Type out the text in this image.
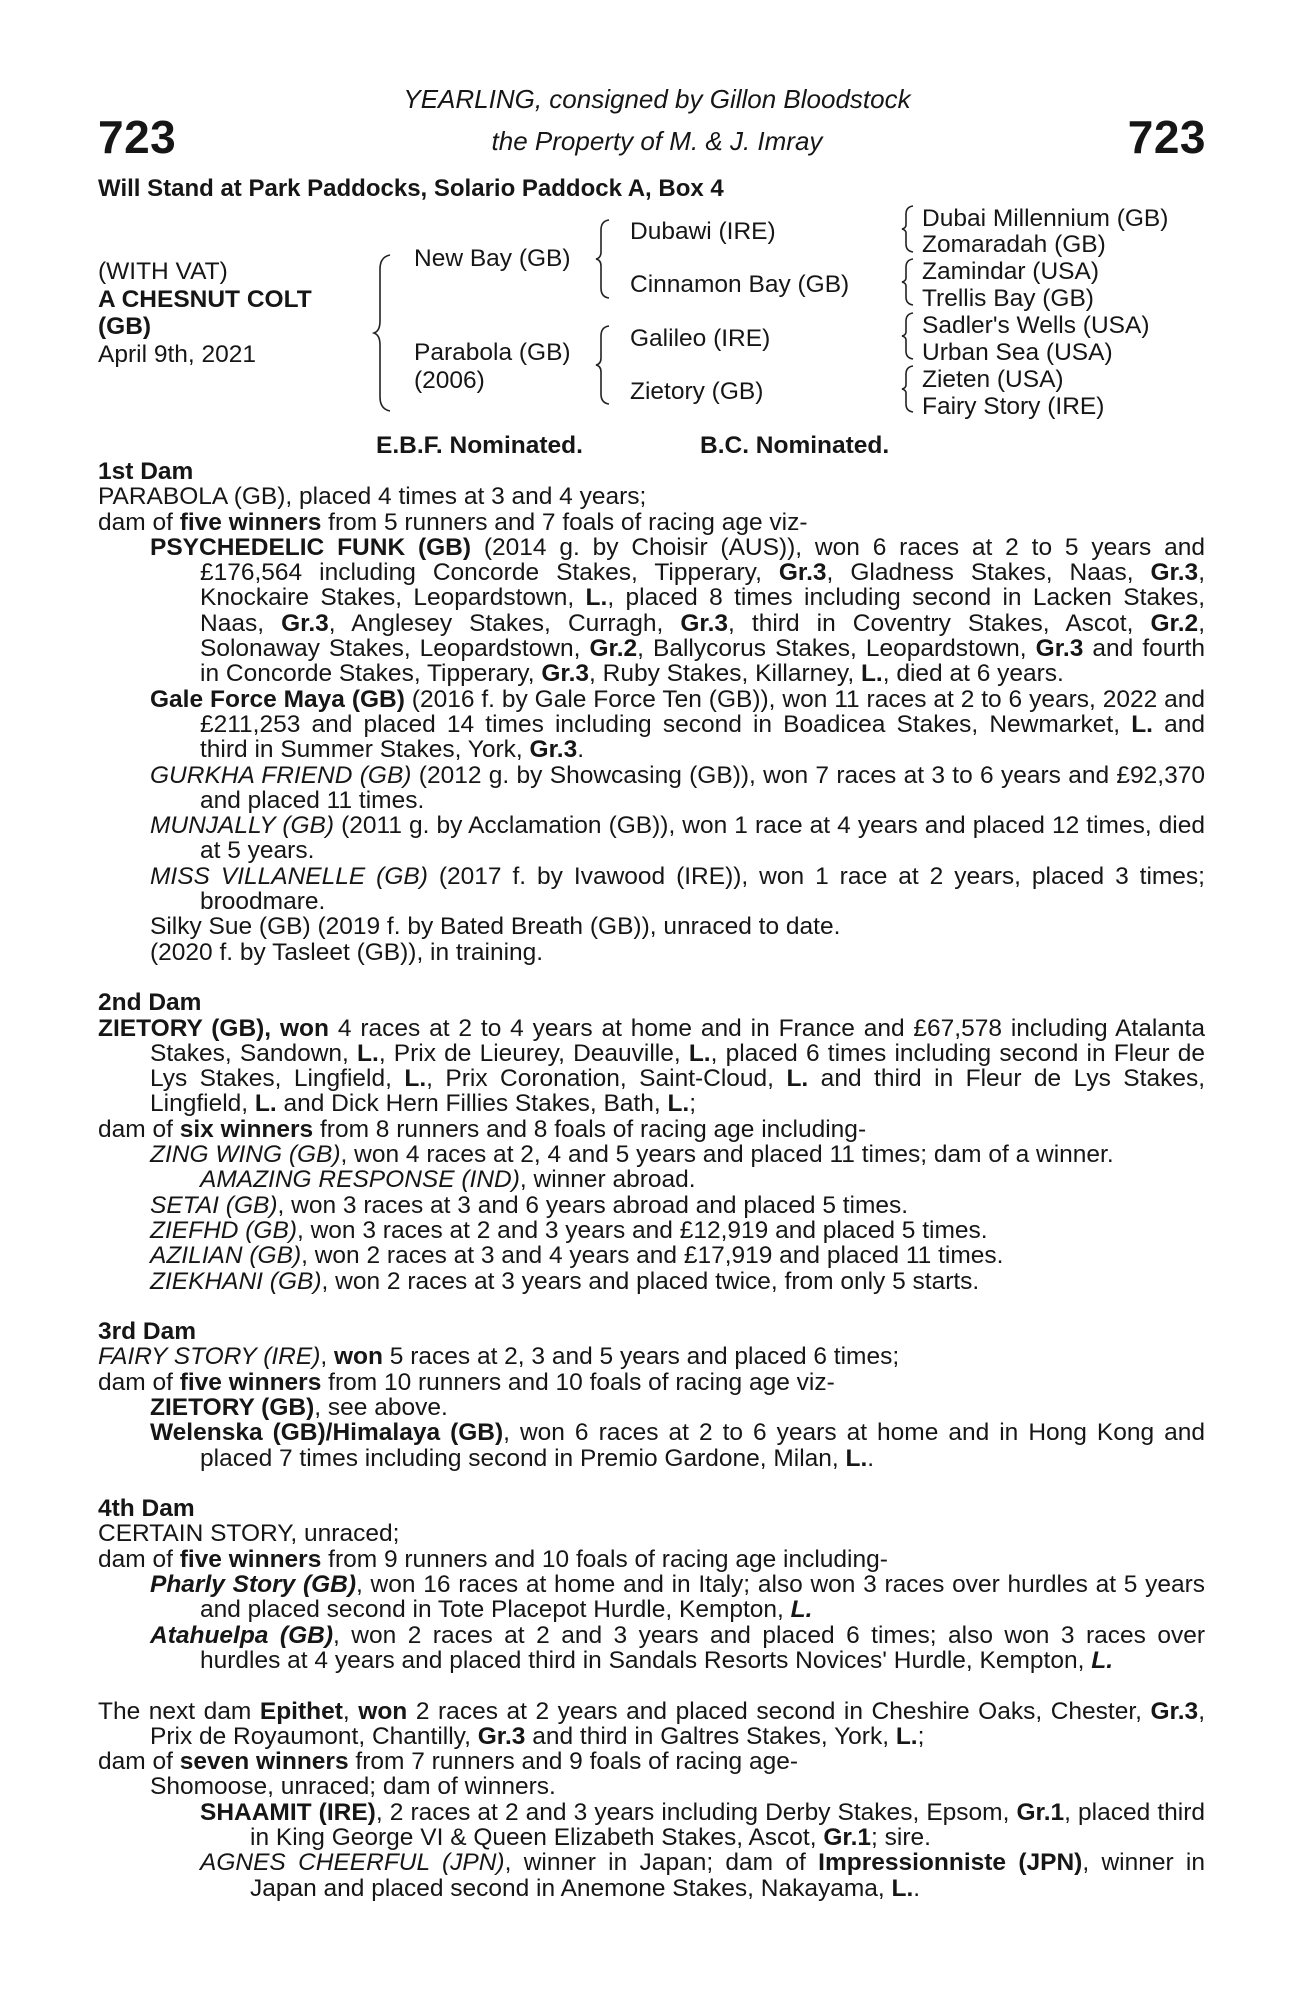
723	723
YEARLING, consigned by Gillon Bloodstock
the Property of M. & J. Imray
Will Stand at Park Paddocks, Solario Paddock A, Box 4
(WITH VAT)
A CHESNUT COLT
(GB)
April 9th, 2021
New Bay (GB)
Parabola (GB)
(2006)
Dubawi (IRE)
Cinnamon Bay (GB)
Galileo (IRE)
Zietory (GB)
Dubai Millennium (GB)
Zomaradah (GB)
Zamindar (USA)
Trellis Bay (GB)
Sadler's Wells (USA)
Urban Sea (USA)
Zieten (USA)
Fairy Story (IRE)
E.B.F. Nominated.	B.C. Nominated.

1st Dam

PARABOLA (GB), placed 4 times at 3 and 4 years;

dam of five winners from 5 runners and 7 foals of racing age viz-

PSYCHEDELIC FUNK (GB) (2014 g. by Choisir (AUS)), won 6 races at 2 to 5 years and £176,564 including Concorde Stakes, Tipperary, Gr.3, Gladness Stakes, Naas, Gr.3, Knockaire Stakes, Leopardstown, L., placed 8 times including second in Lacken Stakes, Naas, Gr.3, Anglesey Stakes, Curragh, Gr.3, third in Coventry Stakes, Ascot, Gr.2, Solonaway Stakes, Leopardstown, Gr.2, Ballycorus Stakes, Leopardstown, Gr.3 and fourth in Concorde Stakes, Tipperary, Gr.3, Ruby Stakes, Killarney, L., died at 6 years.

Gale Force Maya (GB) (2016 f. by Gale Force Ten (GB)), won 11 races at 2 to 6 years, 2022 and £211,253 and placed 14 times including second in Boadicea Stakes, Newmarket, L. and third in Summer Stakes, York, Gr.3.

GURKHA FRIEND (GB) (2012 g. by Showcasing (GB)), won 7 races at 3 to 6 years and £92,370 and placed 11 times.

MUNJALLY (GB) (2011 g. by Acclamation (GB)), won 1 race at 4 years and placed 12 times, died at 5 years.

MISS VILLANELLE (GB) (2017 f. by Ivawood (IRE)), won 1 race at 2 years, placed 3 times; broodmare.

Silky Sue (GB) (2019 f. by Bated Breath (GB)), unraced to date.

(2020 f. by Tasleet (GB)), in training.

2nd Dam

ZIETORY (GB), won 4 races at 2 to 4 years at home and in France and £67,578 including Atalanta Stakes, Sandown, L., Prix de Lieurey, Deauville, L., placed 6 times including second in Fleur de Lys Stakes, Lingfield, L., Prix Coronation, Saint-Cloud, L. and third in Fleur de Lys Stakes, Lingfield, L. and Dick Hern Fillies Stakes, Bath, L.;

dam of six winners from 8 runners and 8 foals of racing age including-

ZING WING (GB), won 4 races at 2, 4 and 5 years and placed 11 times; dam of a winner.

AMAZING RESPONSE (IND), winner abroad.

SETAI (GB), won 3 races at 3 and 6 years abroad and placed 5 times.

ZIEFHD (GB), won 3 races at 2 and 3 years and £12,919 and placed 5 times.

AZILIAN (GB), won 2 races at 3 and 4 years and £17,919 and placed 11 times.

ZIEKHANI (GB), won 2 races at 3 years and placed twice, from only 5 starts.

3rd Dam

FAIRY STORY (IRE), won 5 races at 2, 3 and 5 years and placed 6 times;

dam of five winners from 10 runners and 10 foals of racing age viz-

ZIETORY (GB), see above.

Welenska (GB)/Himalaya (GB), won 6 races at 2 to 6 years at home and in Hong Kong and placed 7 times including second in Premio Gardone, Milan, L..

4th Dam

CERTAIN STORY, unraced;

dam of five winners from 9 runners and 10 foals of racing age including-

Pharly Story (GB), won 16 races at home and in Italy; also won 3 races over hurdles at 5 years and placed second in Tote Placepot Hurdle, Kempton, L.

Atahuelpa (GB), won 2 races at 2 and 3 years and placed 6 times; also won 3 races over hurdles at 4 years and placed third in Sandals Resorts Novices' Hurdle, Kempton, L.

The next dam Epithet, won 2 races at 2 years and placed second in Cheshire Oaks, Chester, Gr.3, Prix de Royaumont, Chantilly, Gr.3 and third in Galtres Stakes, York, L.;

dam of seven winners from 7 runners and 9 foals of racing age-

Shomoose, unraced; dam of winners.

SHAAMIT (IRE), 2 races at 2 and 3 years including Derby Stakes, Epsom, Gr.1, placed third in King George VI & Queen Elizabeth Stakes, Ascot, Gr.1; sire.

AGNES CHEERFUL (JPN), winner in Japan; dam of Impressionniste (JPN), winner in Japan and placed second in Anemone Stakes, Nakayama, L..
